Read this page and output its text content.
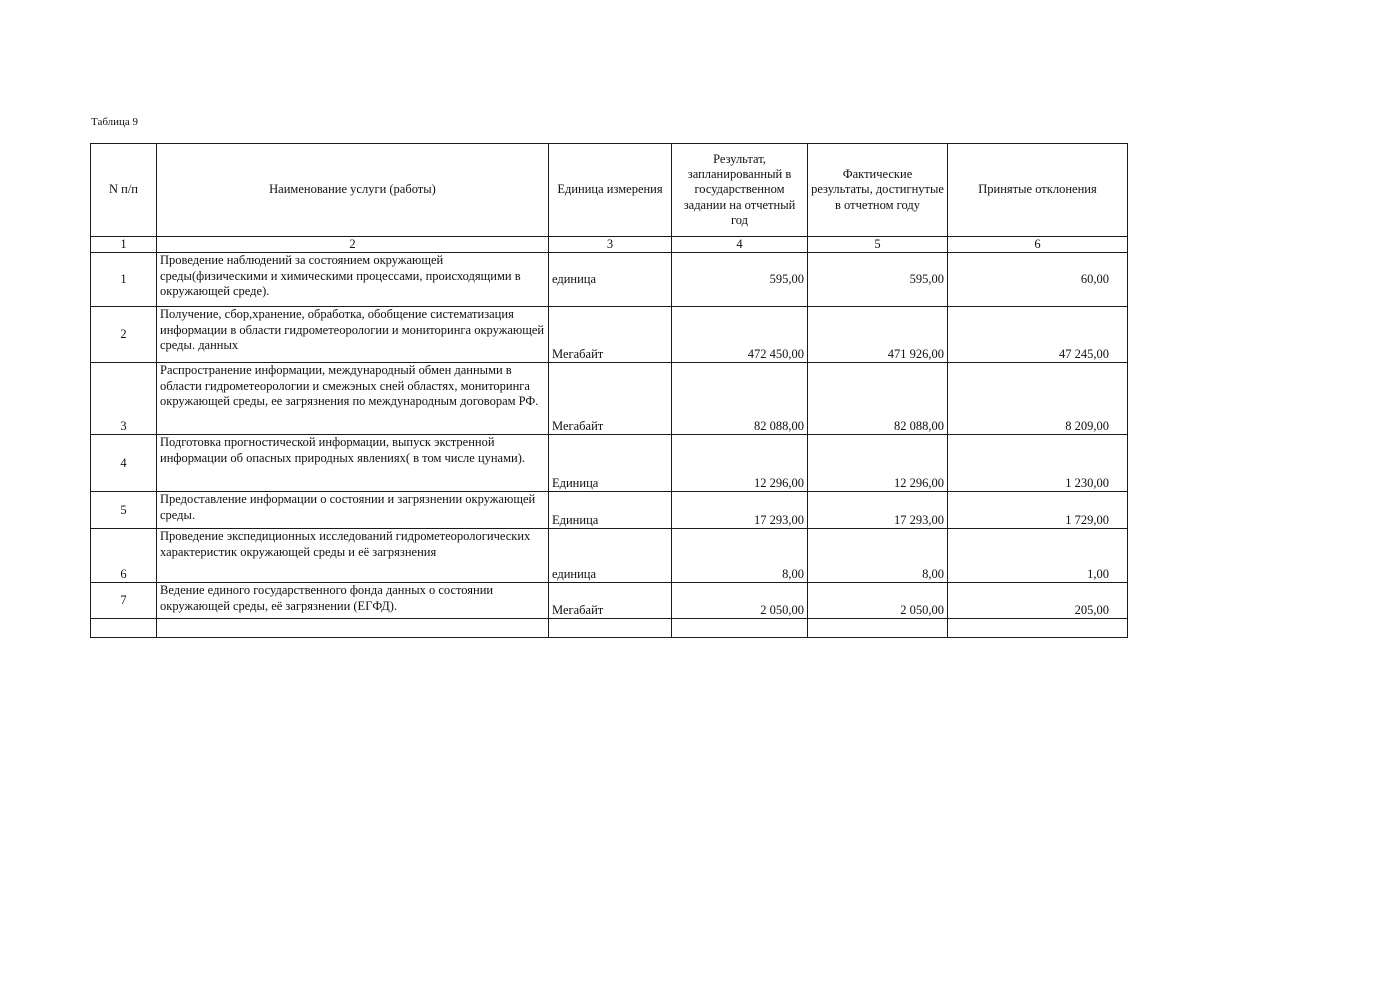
Таблица 9
N п/п	Наименование услуги (работы)	Единица измерения	Результат, запланированный в государственном задании на отчетный год	Фактические результаты, достигнутые в отчетном году	Принятые отклонения
1	2	3	4	5	6
1	Проведение наблюдений за состоянием окружающей среды(физическими и химическими процессами, происходящими в окружающей среде).	единица	595,00	595,00	60,00
2	Получение, сбор,хранение, обработка, обобщение систематизация информации в области гидрометеорологии и мониторинга окружающей среды. данных	Мегабайт	472 450,00	471 926,00	47 245,00
3	Распространение информации, международный обмен данными в области гидрометеорологии и смежэных сней областях, мониторинга окружающей среды, ее загрязнения по международным договорам РФ.	Мегабайт	82 088,00	82 088,00	8 209,00
4	Подготовка прогностической информации, выпуск экстренной информации об опасных природных явлениях( в том числе цунами).	Единица	12 296,00	12 296,00	1 230,00
5	Предоставление информации о состоянии и загрязнении окружающей среды.	Единица	17 293,00	17 293,00	1 729,00
6	Проведение экспедиционных исследований гидрометеорологических характеристик окружающей среды и её загрязнения	единица	8,00	8,00	1,00
7	Ведение единого государственного фонда данных о состоянии окружающей среды, её загрязнении (ЕГФД).	Мегабайт	2 050,00	2 050,00	205,00
